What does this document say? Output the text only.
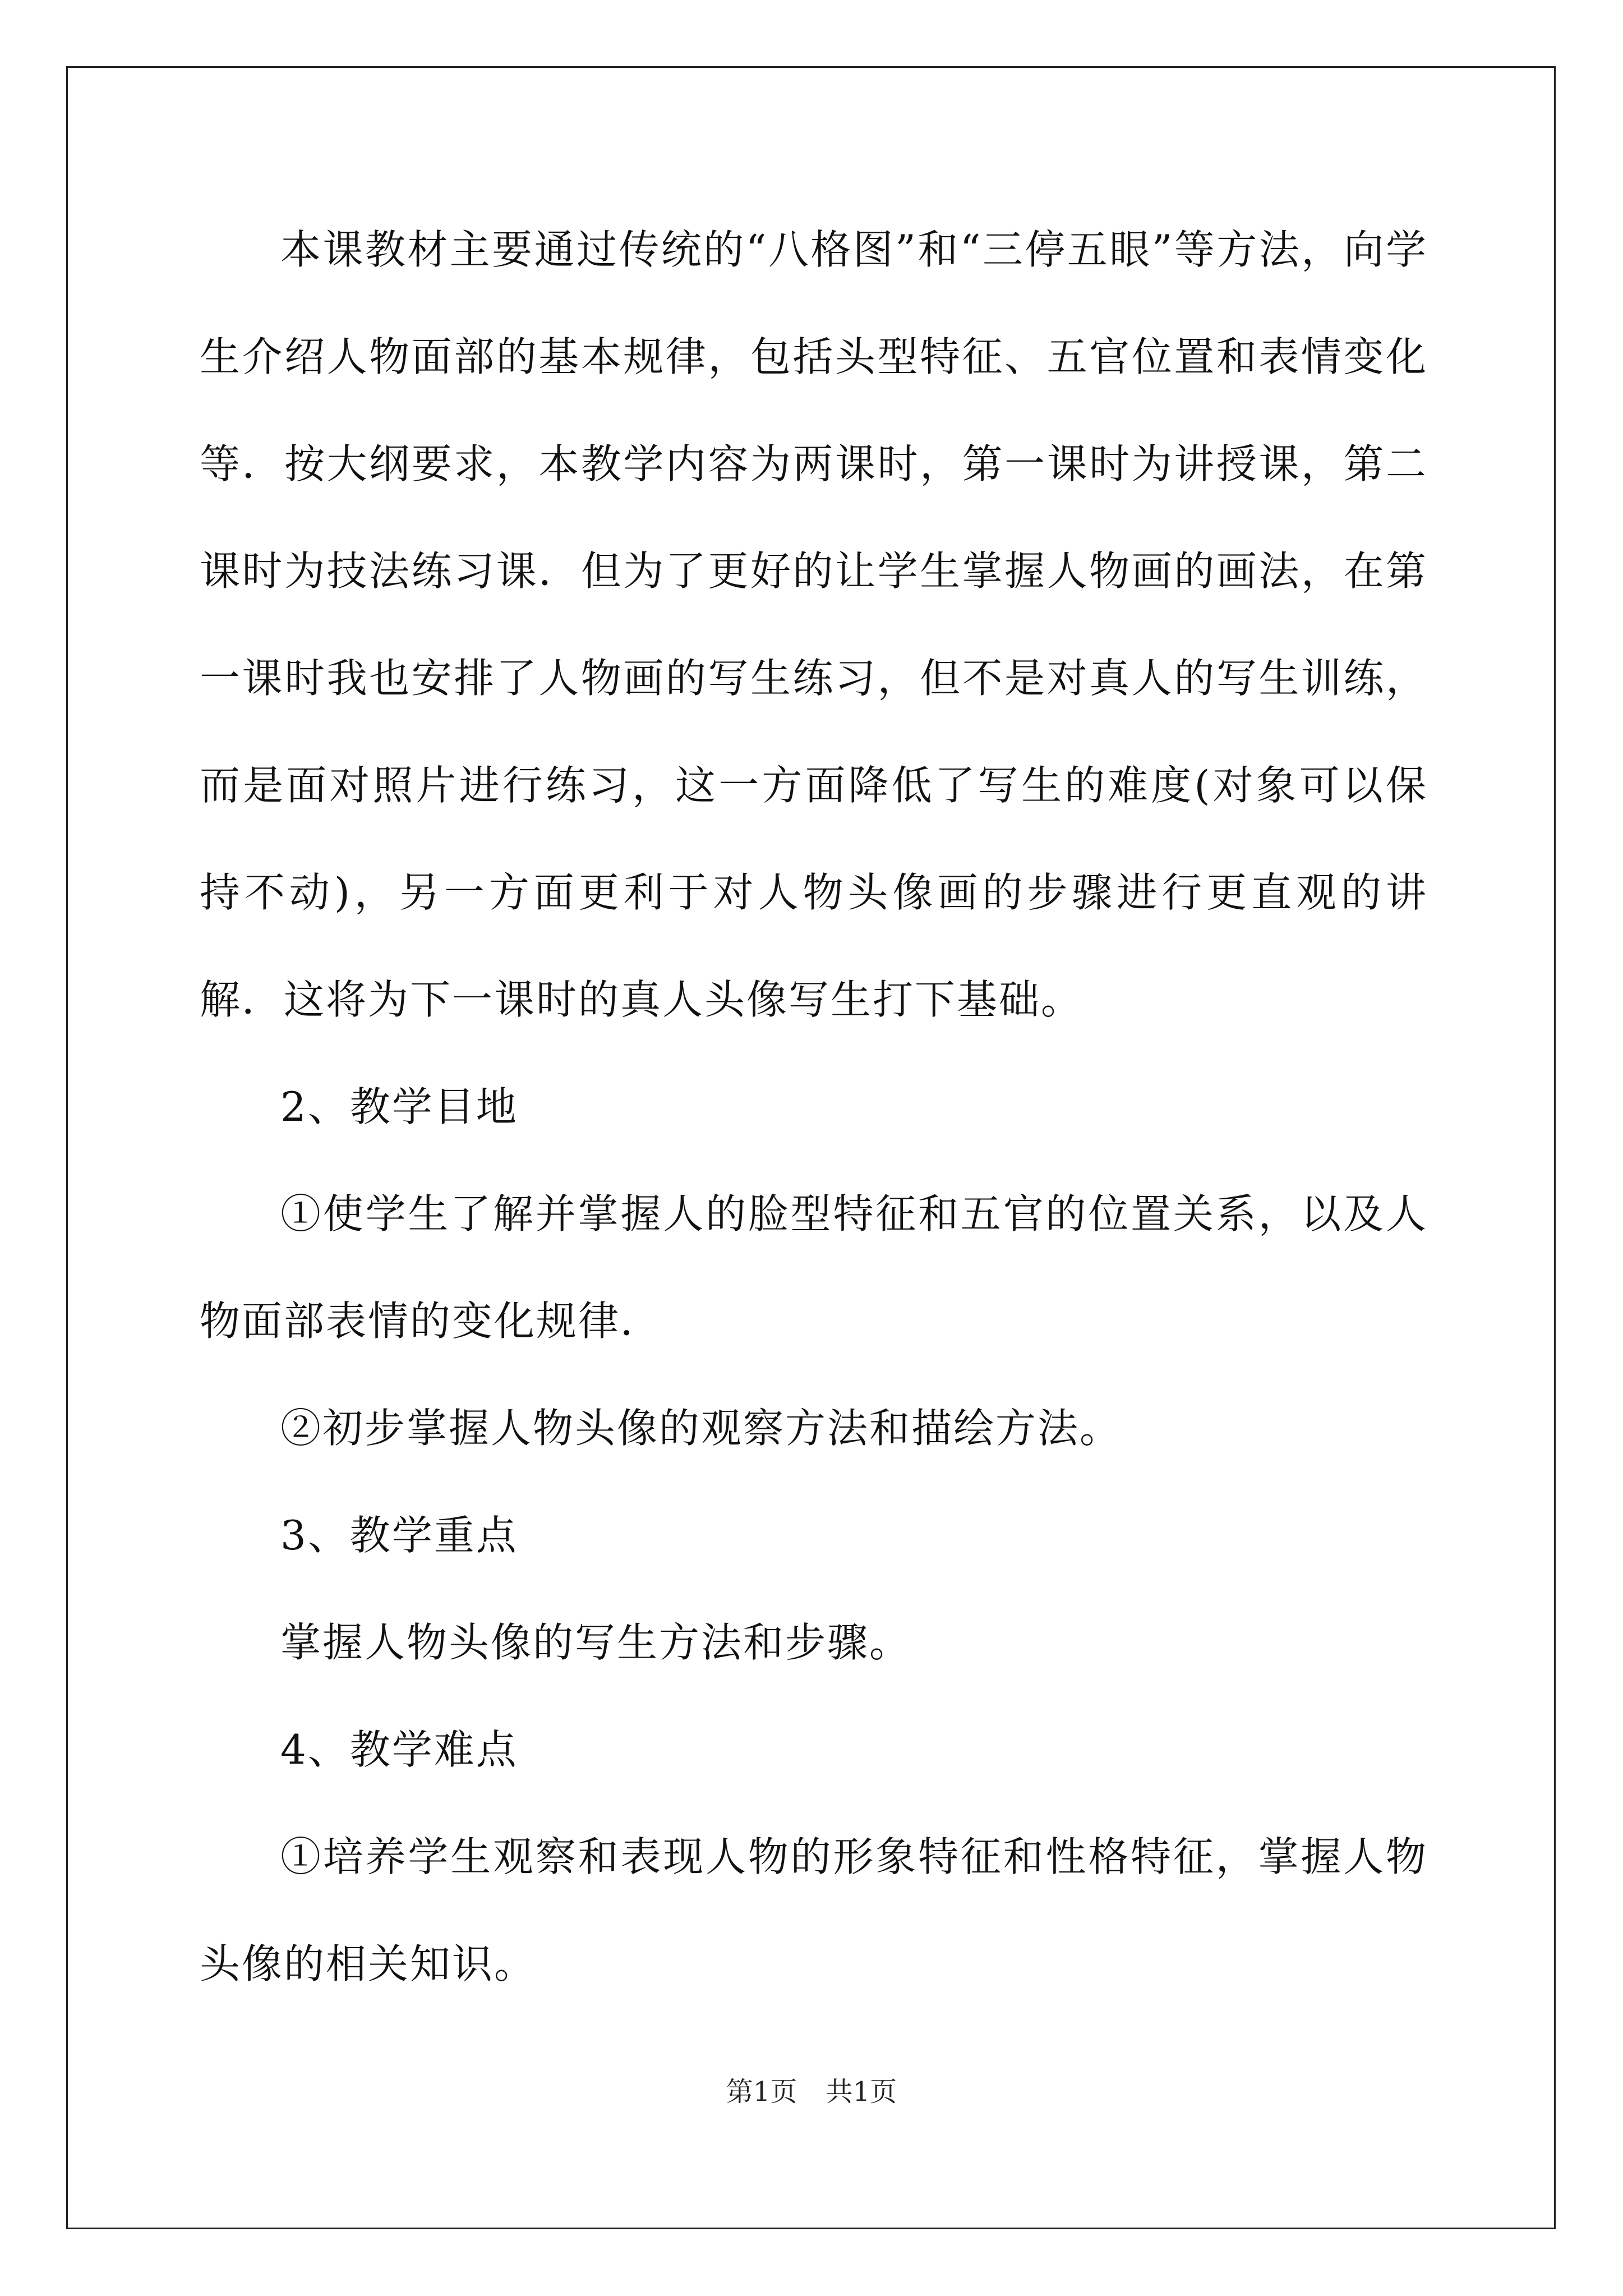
本课教材主要通过传统的“八格图”和“三停五眼”等方法，向学生介绍人物面部的基本规律，包括头型特征、五官位置和表情变化等．按大纲要求，本教学内容为两课时，第一课时为讲授课，第二课时为技法练习课．但为了更好的让学生掌握人物画的画法，在第一课时我也安排了人物画的写生练习，但不是对真人的写生训练，而是面对照片进行练习，这一方面降低了写生的难度(对象可以保持不动)，另一方面更利于对人物头像画的步骤进行更直观的讲解．这将为下一课时的真人头像写生打下基础。

2、教学目地

①使学生了解并掌握人的脸型特征和五官的位置关系，以及人物面部表情的变化规律．

②初步掌握人物头像的观察方法和描绘方法。

3、教学重点

掌握人物头像的写生方法和步骤。

4、教学难点

①培养学生观察和表现人物的形象特征和性格特征，掌握人物头像的相关知识。

第1页 共1页
